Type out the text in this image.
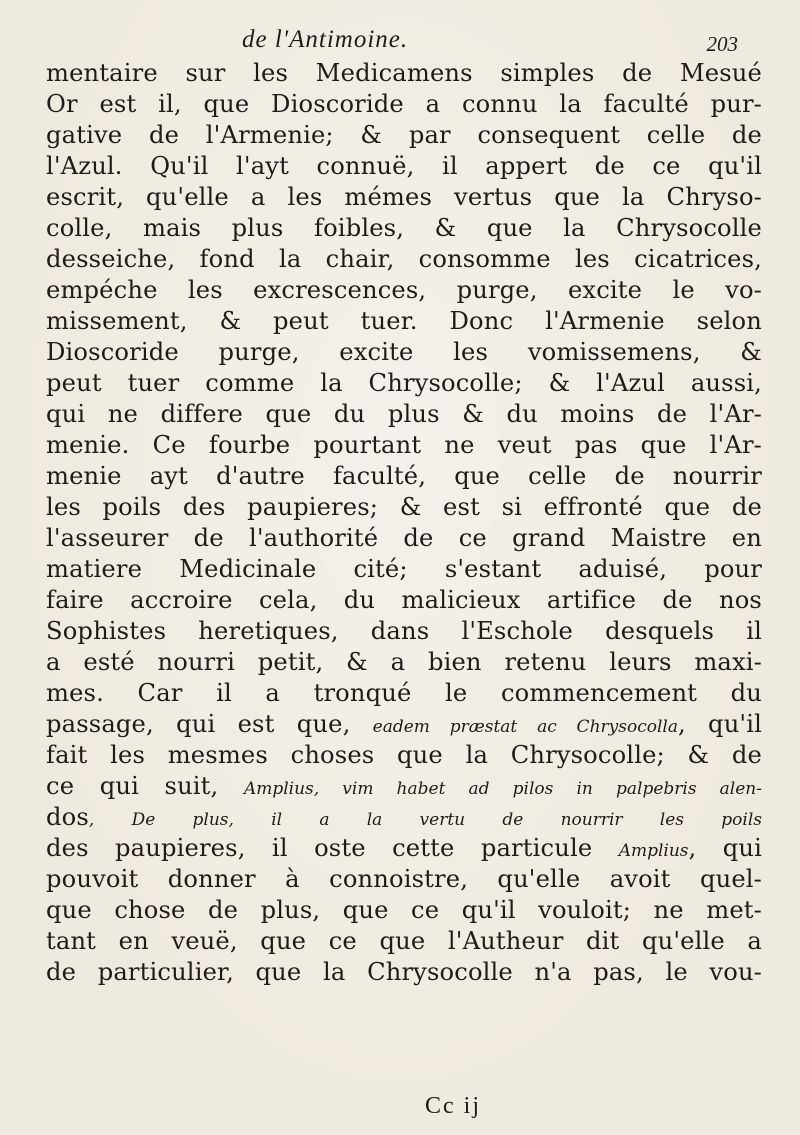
de l'Antimoine.	203
mentaire sur les Medicamens simples de Mesué
Or est il, que Dioscoride a connu la faculté pur-
gative de l'Armenie; & par consequent celle de
l'Azul. Qu'il l'ayt connuë, il appert de ce qu'il
escrit, qu'elle a les mémes vertus que la Chryso-
colle, mais plus foibles, & que la Chrysocolle
desseiche, fond la chair, consomme les cicatrices,
empéche les excrescences, purge, excite le vo-
missement, & peut tuer. Donc l'Armenie selon
Dioscoride purge, excite les vomissemens, &
peut tuer comme la Chrysocolle; & l'Azul aussi,
qui ne differe que du plus & du moins de l'Ar-
menie. Ce fourbe pourtant ne veut pas que l'Ar-
menie ayt d'autre faculté, que celle de nourrir
les poils des paupieres; & est si effronté que de
l'asseurer de l'authorité de ce grand Maistre en
matiere Medicinale cité; s'estant aduisé, pour
faire accroire cela, du malicieux artifice de nos
Sophistes heretiques, dans l'Eschole desquels il
a esté nourri petit, & a bien retenu leurs maxi-
mes. Car il a tronqué le commencement du
passage, qui est que, eadem præstat ac Chrysocolla, qu'il
fait les mesmes choses que la Chrysocolle; & de
ce qui suit, Amplius, vim habet ad pilos in palpebris alen-
dos, De plus, il a la vertu de nourrir les poils
des paupieres, il oste cette particule Amplius, qui
pouvoit donner à connoistre, qu'elle avoit quel-
que chose de plus, que ce qu'il vouloit; ne met-
tant en veuë, que ce que l'Autheur dit qu'elle a
de particulier, que la Chrysocolle n'a pas, le vou-
Cc ij
